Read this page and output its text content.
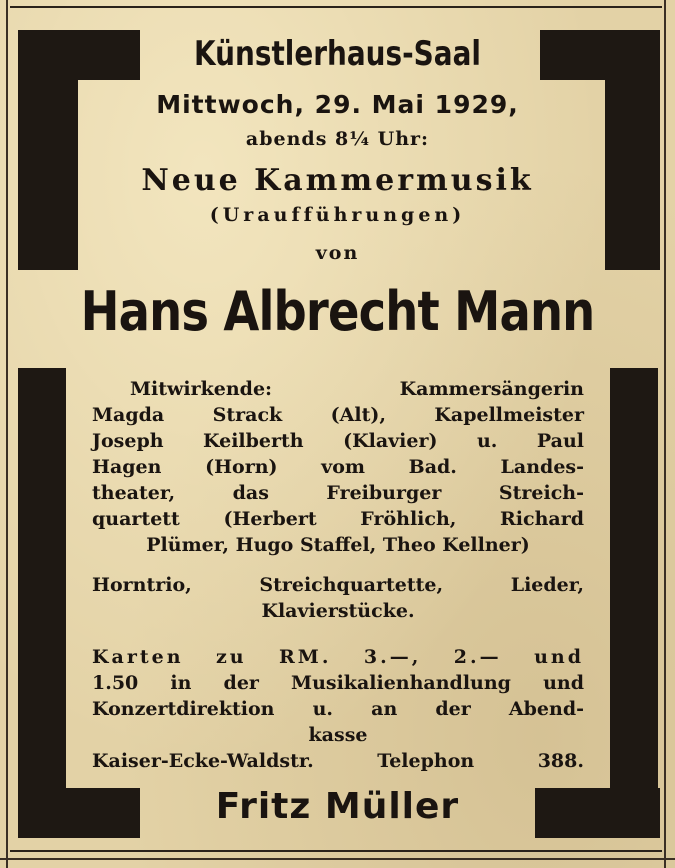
Künstlerhaus-Saal
Mittwoch, 29. Mai 1929,
abends 8¼ Uhr:
Neue Kammermusik
(Uraufführungen)
von
Hans Albrecht Mann
Mitwirkende: Kammersängerin
Magda Strack (Alt), Kapellmeister
Joseph Keilberth (Klavier) u. Paul
Hagen (Horn) vom Bad. Landes-
theater, das Freiburger Streich-
quartett (Herbert Fröhlich, Richard
Plümer, Hugo Staffel, Theo Kellner)
Horntrio, Streichquartette, Lieder,
Klavierstücke.
Karten zu RM. 3.—, 2.— und
1.50 in der Musikalienhandlung und
Konzertdirektion u. an der Abend-
kasse
Kaiser-Ecke-Waldstr. Telephon 388.
Fritz Müller
